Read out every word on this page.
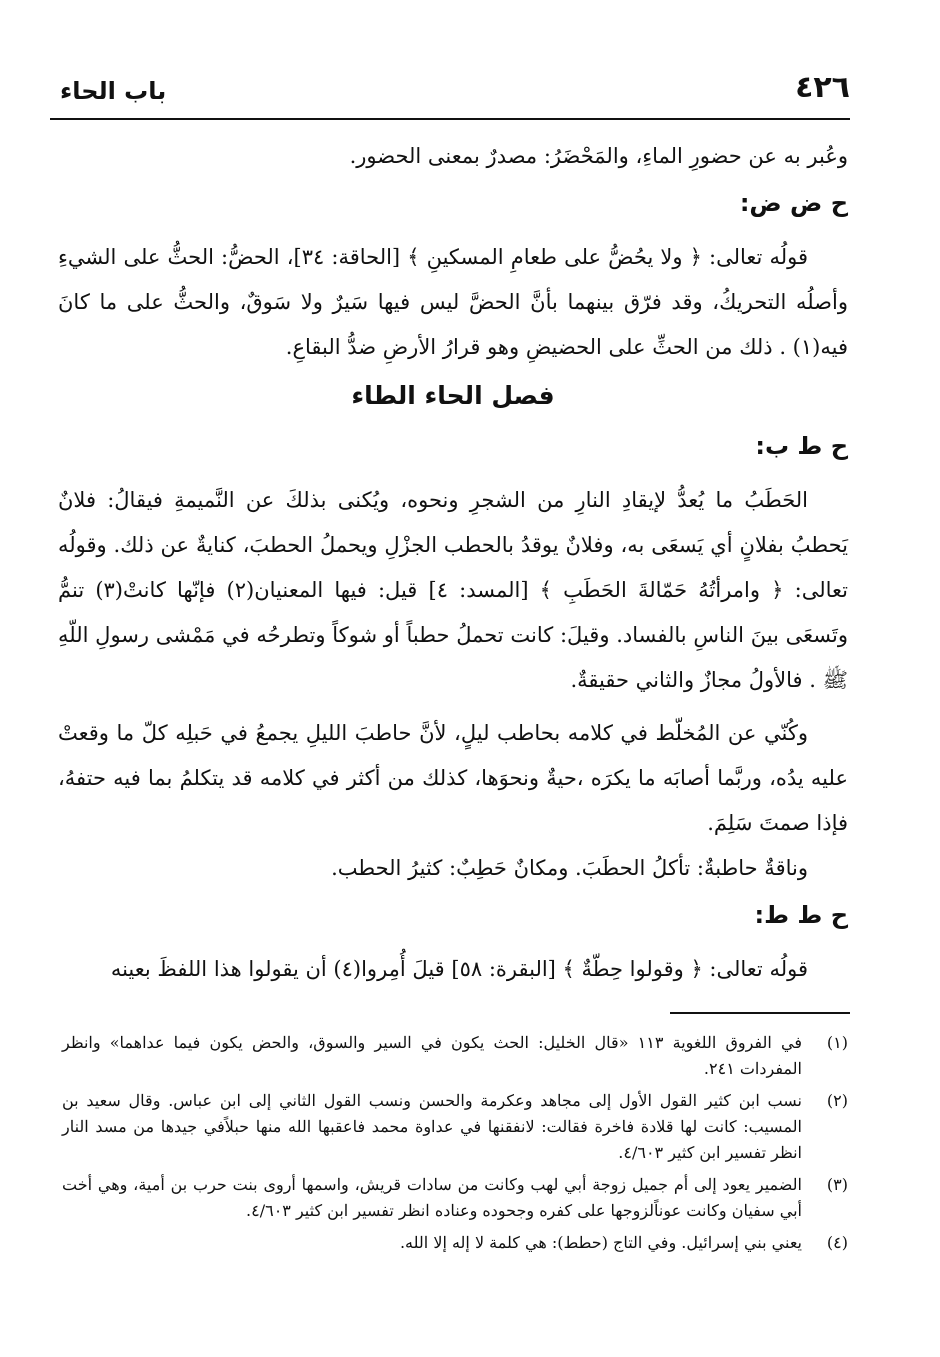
٤٢٦
باب الحاء

وعُبر به عن حضورِ الماءِ، والمَحْضَرُ: مصدرٌ بمعنى الحضور.

ح ض ض:

قولُه تعالى: ﴿ ولا يحُضُّ على طعامِ المسكينِ ﴾ [الحاقة: ٣٤]، الحضُّ: الحثُّ على الشيءِ وأصلُه التحريكُ، وقد فرّق بينهما بأنَّ الحضَّ ليس فيها سَيرٌ ولا سَوقٌ، والحثُّ على ما كانَ فيه(١) . ذلك من الحثِّ على الحضيضِ وهو قرارُ الأرضِ ضدُّ البقاعِ.

فصل الحاء الطاء
ح ط ب:

الحَطَبُ ما يُعدُّ لإيقادِ النارِ من الشجرِ ونحوه، ويُكنى بذلكَ عن النَّميمةِ فيقالُ: فلانٌ يَحطبُ بفلانٍ أي يَسعَى به، وفلانٌ يوقدُ بالحطب الجزْلِ ويحملُ الحطبَ، كنايةٌ عن ذلك. وقولُه تعالى: ﴿ وامرأتُهُ حَمّالةَ الحَطَبِ ﴾ [المسد: ٤] قيل: فيها المعنيان(٢) فإنّها كانتْ(٣) تنمُّ وتَسعَى بينَ الناسِ بالفساد. وقيلَ: كانت تحملُ حطباً أو شوكاً وتطرحُه في مَمْشى رسولِ اللّهِ ﷺ . فالأولُ مجازٌ والثاني حقيقةٌ.

وكُنّي عن المُخلّط في كلامه بحاطب ليلٍ، لأنَّ حاطبَ الليلِ يجمعُ في حَبلِه كلّ ما وقعتْ عليه يدُه، وربَّما أصابَه ما يكرَه ،حيةٌ ونحوَها، كذلك من أكثر في كلامه قد يتكلمُ بما فيه حتفهُ، فإذا صمتَ سَلِمَ.

وناقةٌ حاطبةٌ: تأكلُ الحطَبَ. ومكانٌ حَطِبٌ: كثيرُ الحطب.

ح ط ط:

قولُه تعالى: ﴿ وقولوا حِطّةٌ ﴾ [البقرة: ٥٨] قيلَ أُمِروا(٤) أن يقولوا هذا اللفظَ بعينه

(١)
في الفروق اللغوية ١١٣ «قال الخليل: الحث يكون في السير والسوق، والحض يكون فيما عداهما» وانظر المفردات ٢٤١.
(٢)
نسب ابن كثير القول الأول إلى مجاهد وعكرمة والحسن ونسب القول الثاني إلى ابن عباس. وقال سعيد بن المسيب: كانت لها قلادة فاخرة فقالت: لانفقنها في عداوة محمد فاعقبها الله منها حبلاًفي جيدها من مسد النار انظر تفسير ابن كثير ٤/٦٠٣.
(٣)
الضمير يعود إلى أم جميل زوجة أبي لهب وكانت من سادات قريش، واسمها أروى بنت حرب بن أمية، وهي أخت أبي سفيان وكانت عوناًلزوجها على كفره وجحوده وعناده انظر تفسير ابن كثير ٤/٦٠٣.
(٤)
يعني بني إسرائيل. وفي التاج (حطط): هي كلمة لا إله إلا الله.
